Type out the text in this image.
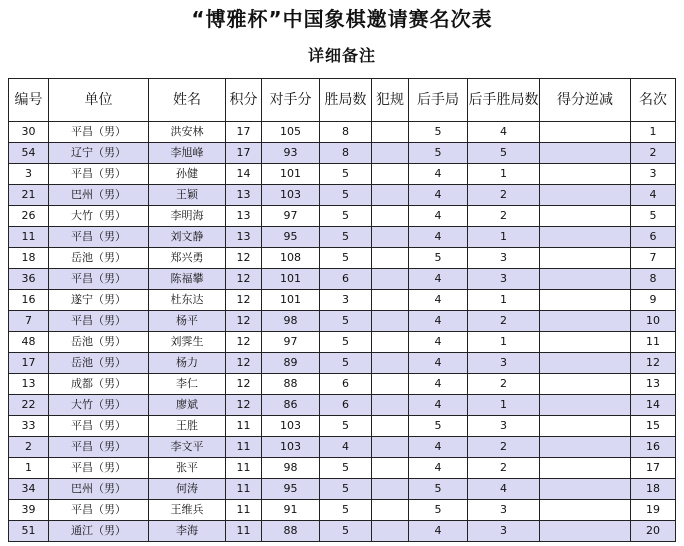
“博雅杯”中国象棋邀请赛名次表
详细备注
编号	单位	姓名	积分	对手分	胜局数	犯规	后手局	后手胜局数	得分逆减	名次
30	平昌（男）	洪安林	17	105	8		5	4		1
54	辽宁（男）	李旭峰	17	93	8		5	5		2
3	平昌（男）	孙健	14	101	5		4	1		3
21	巴州（男）	王颖	13	103	5		4	2		4
26	大竹（男）	李明海	13	97	5		4	2		5
11	平昌（男）	刘文静	13	95	5		4	1		6
18	岳池（男）	郑兴勇	12	108	5		5	3		7
36	平昌（男）	陈福攀	12	101	6		4	3		8
16	遂宁（男）	杜东达	12	101	3		4	1		9
7	平昌（男）	杨平	12	98	5		4	2		10
48	岳池（男）	刘霁生	12	97	5		4	1		11
17	岳池（男）	杨力	12	89	5		4	3		12
13	成都（男）	李仁	12	88	6		4	2		13
22	大竹（男）	廖斌	12	86	6		4	1		14
33	平昌（男）	王胜	11	103	5		5	3		15
2	平昌（男）	李文平	11	103	4		4	2		16
1	平昌（男）	张平	11	98	5		4	2		17
34	巴州（男）	何涛	11	95	5		5	4		18
39	平昌（男）	王维兵	11	91	5		5	3		19
51	通江（男）	李海	11	88	5		4	3		20
